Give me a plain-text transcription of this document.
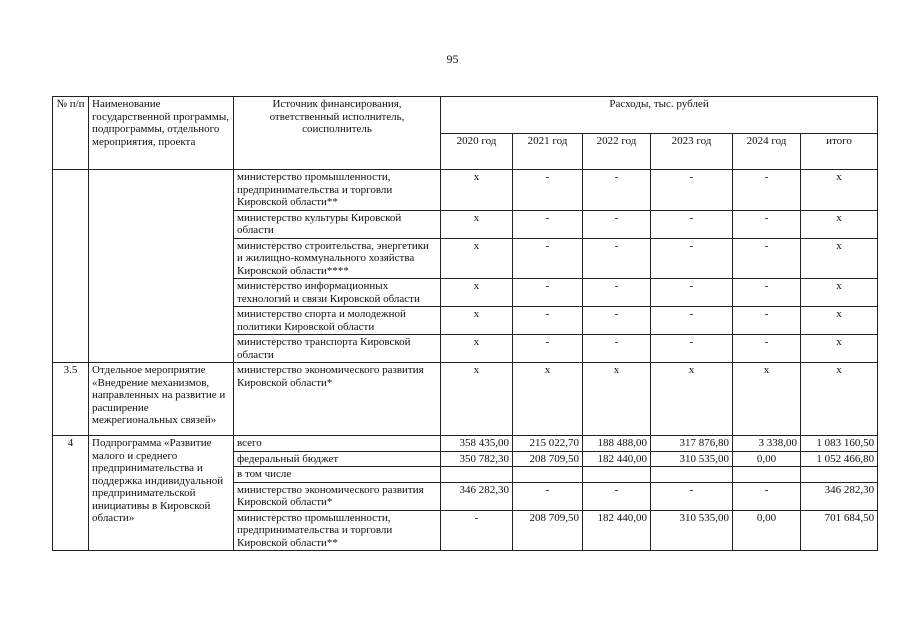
95
№ п/п	Наименование государственной программы, подпрограммы, отдельного мероприятия, проекта	Источник финансирования, ответственный исполнитель, соисполнитель	Расходы, тыс. рублей					
			2020 год	2021 год	2022 год	2023 год	2024 год	итого
		министерство промышленности, предпринимательства и торговли Кировской области**	х	-	-	-	-	х
		министерство культуры Кировской области	х	-	-	-	-	х
		министерство строительства, энергетики и жилищно-коммунального хозяйства Кировской области****	х	-	-	-	-	х
		министерство информационных технологий и связи Кировской области	х	-	-	-	-	х
		министерство спорта и молодежной политики Кировской области	х	-	-	-	-	х
		министерство транспорта Кировской области	х	-	-	-	-	х
3.5	Отдельное мероприятие «Внедрение механизмов, направленных на развитие и расширение межрегиональных связей»	министерство экономического развития Кировской области*	х	х	х	х	х	х
4	Подпрограмма «Развитие малого и среднего предпринимательства и поддержка индивидуальной предпринимательской инициативы в Кировской области»	всего	358 435,00	215 022,70	188 488,00	317 876,80	3 338,00	1 083 160,50
		федеральный бюджет	350 782,30	208 709,50	182 440,00	310 535,00	0,00	1 052 466,80
		в том числе						
		министерство экономического развития Кировской области*	346 282,30	-	-	-	-	346 282,30
		министерство промышленности, предпринимательства и торговли Кировской области**	-	208 709,50	182 440,00	310 535,00	0,00	701 684,50
